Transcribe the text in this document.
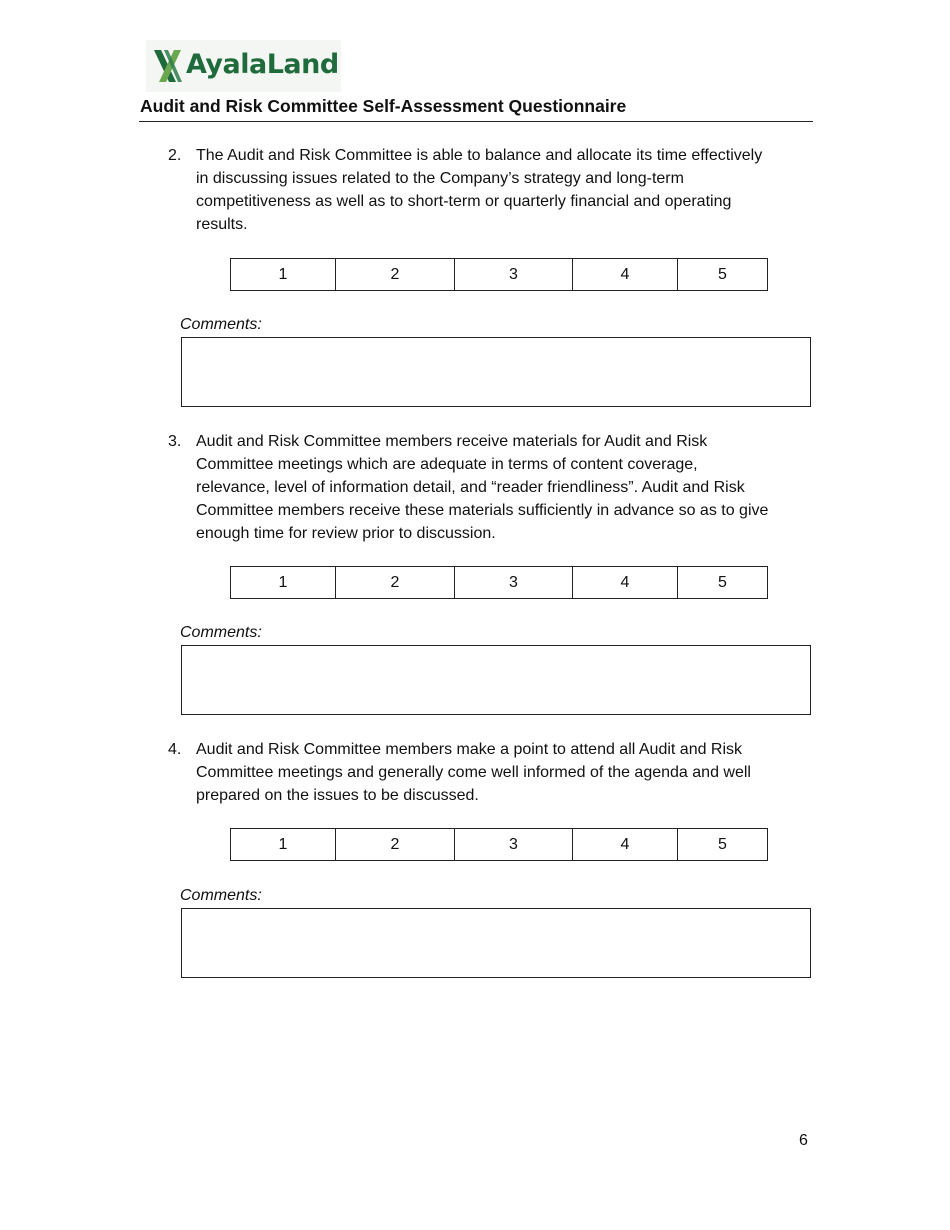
AyalaLand
Audit and Risk Committee Self-Assessment Questionnaire
2. The Audit and Risk Committee is able to balance and allocate its time effectively
in discussing issues related to the Company’s strategy and long-term
competitiveness as well as to short-term or quarterly financial and operating
results.
1	2	3	4	5
Comments:
3. Audit and Risk Committee members receive materials for Audit and Risk
Committee meetings which are adequate in terms of content coverage,
relevance, level of information detail, and “reader friendliness”. Audit and Risk
Committee members receive these materials sufficiently in advance so as to give
enough time for review prior to discussion.
1	2	3	4	5
Comments:
4. Audit and Risk Committee members make a point to attend all Audit and Risk
Committee meetings and generally come well informed of the agenda and well
prepared on the issues to be discussed.
1	2	3	4	5
Comments:
6
